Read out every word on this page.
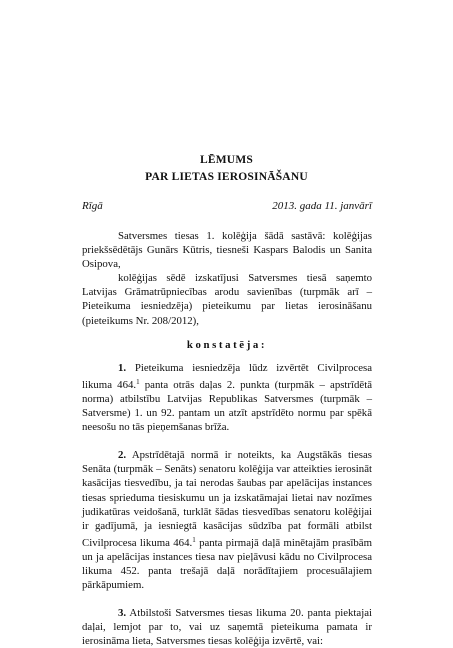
LĒMUMS
PAR LIETAS IEROSINĀŠANU
Rīgā	2013. gada 11. janvārī

Satversmes tiesas 1. kolēģija šādā sastāvā: kolēģijas priekšsēdētājs Gunārs Kūtris, tiesneši Kaspars Balodis un Sanita Osipova,

kolēģijas sēdē izskatījusi Satversmes tiesā saņemto Latvijas Grāmatrūpniecības arodu savienības (turpmāk arī – Pieteikuma iesniedzēja) pieteikumu par lietas ierosināšanu (pieteikums Nr. 208/2012),

konstatēja:

1. Pieteikuma iesniedzēja lūdz izvērtēt Civilprocesa likuma 464.$^1$ panta otrās daļas 2. punkta (turpmāk – apstrīdētā norma) atbilstību Latvijas Republikas Satversmes (turpmāk – Satversme) 1. un 92. pantam un atzīt apstrīdēto normu par spēkā neesošu no tās pieņemšanas brīža.

2. Apstrīdētajā normā ir noteikts, ka Augstākās tiesas Senāta (turpmāk – Senāts) senatoru kolēģija var atteikties ierosināt kasācijas tiesvedību, ja tai nerodas šaubas par apelācijas instances tiesas sprieduma tiesiskumu un ja izskatāmajai lietai nav nozīmes judikatūras veidošanā, turklāt šādas tiesvedības senatoru kolēģijai ir gadījumā, ja iesniegtā kasācijas sūdzība pat formāli atbilst Civilprocesa likuma 464.$^1$ panta pirmajā daļā minētajām prasībām un ja apelācijas instances tiesa nav pieļāvusi kādu no Civilprocesa likuma 452. panta trešajā daļā norādītajiem procesuālajiem pārkāpumiem.

3. Atbilstoši Satversmes tiesas likuma 20. panta piektajai daļai, lemjot par to, vai uz saņemtā pieteikuma pamata ir ierosināma lieta, Satversmes tiesas kolēģija izvērtē, vai:
